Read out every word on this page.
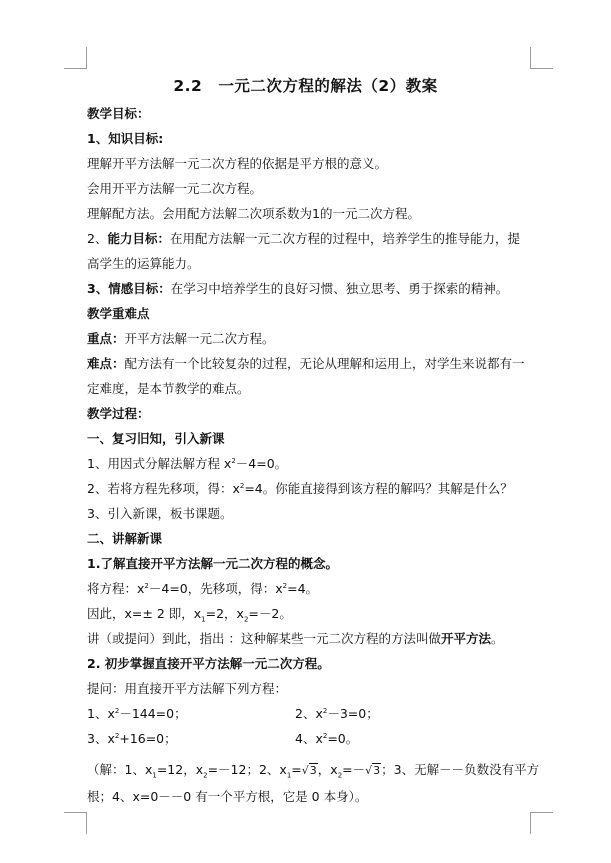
2.2　一元二次方程的解法（2）教案
教学目标：
1、知识目标:
理解开平方法解一元二次方程的依据是平方根的意义。
会用开平方法解一元二次方程。
理解配方法。会用配方法解二次项系数为1的一元二次方程。
2、能力目标：在用配方法解一元二次方程的过程中，培养学生的推导能力，提
高学生的运算能力。
3、情感目标：在学习中培养学生的良好习惯、独立思考、勇于探索的精神。
教学重难点
重点：开平方法解一元二次方程。
难点：配方法有一个比较复杂的过程，无论从理解和运用上，对学生来说都有一
定难度，是本节教学的难点。
教学过程：
一、复习旧知，引入新课
1、用因式分解法解方程 $x^2-4=0$。
2、若将方程先移项，得：$x^2=4$。你能直接得到该方程的解吗？其解是什么？
3、引入新课，板书课题。
二、讲解新课
1.了解直接开平方法解一元二次方程的概念。
将方程：$x^2-4=0$，先移项，得：$x^2=4$。
因此，x=± 2 即，$x_1=2$，$x_2=-2$。
讲（或提问）到此，指出 ：这种解某些一元二次方程的方法叫做开平方法。
2. 初步掌握直接开平方法解一元二次方程。
提问：用直接开平方法解下列方程：
1、$x^2-144=0$；	2、$x^2-3=0$；
3、$x^2+16=0$；	4、$x^2=0$。
（解：1、$x_1=12$，$x_2=-12$；2、$x_1=√3$，$x_2=-√3$；3、无解－－负数没有平方
根；4、x=0－－0 有一个平方根，它是 0 本身）。
